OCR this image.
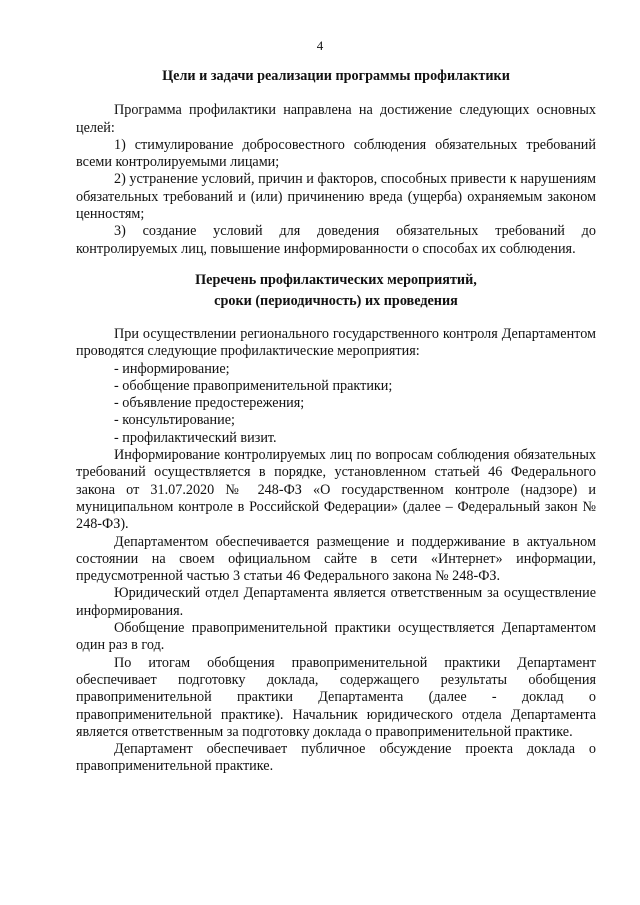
4

Цели и задачи реализации программы профилактики

Программа профилактики направлена на достижение следующих основных целей:

1) стимулирование добросовестного соблюдения обязательных требований всеми контролируемыми лицами;

2) устранение условий, причин и факторов, способных привести к нарушениям обязательных требований и (или) причинению вреда (ущерба) охраняемым законом ценностям;

3) создание условий для доведения обязательных требований до контролируемых лиц, повышение информированности о способах их соблюдения.

Перечень профилактических мероприятий,
сроки (периодичность) их проведения

При осуществлении регионального государственного контроля Департаментом проводятся следующие профилактические мероприятия:

- информирование;
- обобщение правоприменительной практики;
- объявление предостережения;
- консультирование;
- профилактический визит.

Информирование контролируемых лиц по вопросам соблюдения обязательных требований осуществляется в порядке, установленном статьей 46 Федерального закона от 31.07.2020 № 248-ФЗ «О государственном контроле (надзоре) и муниципальном контроле в Российской Федерации» (далее – Федеральный закон № 248-ФЗ).

Департаментом обеспечивается размещение и поддерживание в актуальном состоянии на своем официальном сайте в сети «Интернет» информации, предусмотренной частью 3 статьи 46 Федерального закона № 248-ФЗ.

Юридический отдел Департамента является ответственным за осуществление информирования.

Обобщение правоприменительной практики осуществляется Департаментом один раз в год.

По итогам обобщения правоприменительной практики Департамент обеспечивает подготовку доклада, содержащего результаты обобщения правоприменительной практики Департамента (далее - доклад о правоприменительной практике). Начальник юридического отдела Департамента является ответственным за подготовку доклада о правоприменительной практике.

Департамент обеспечивает публичное обсуждение проекта доклада о правоприменительной практике.
